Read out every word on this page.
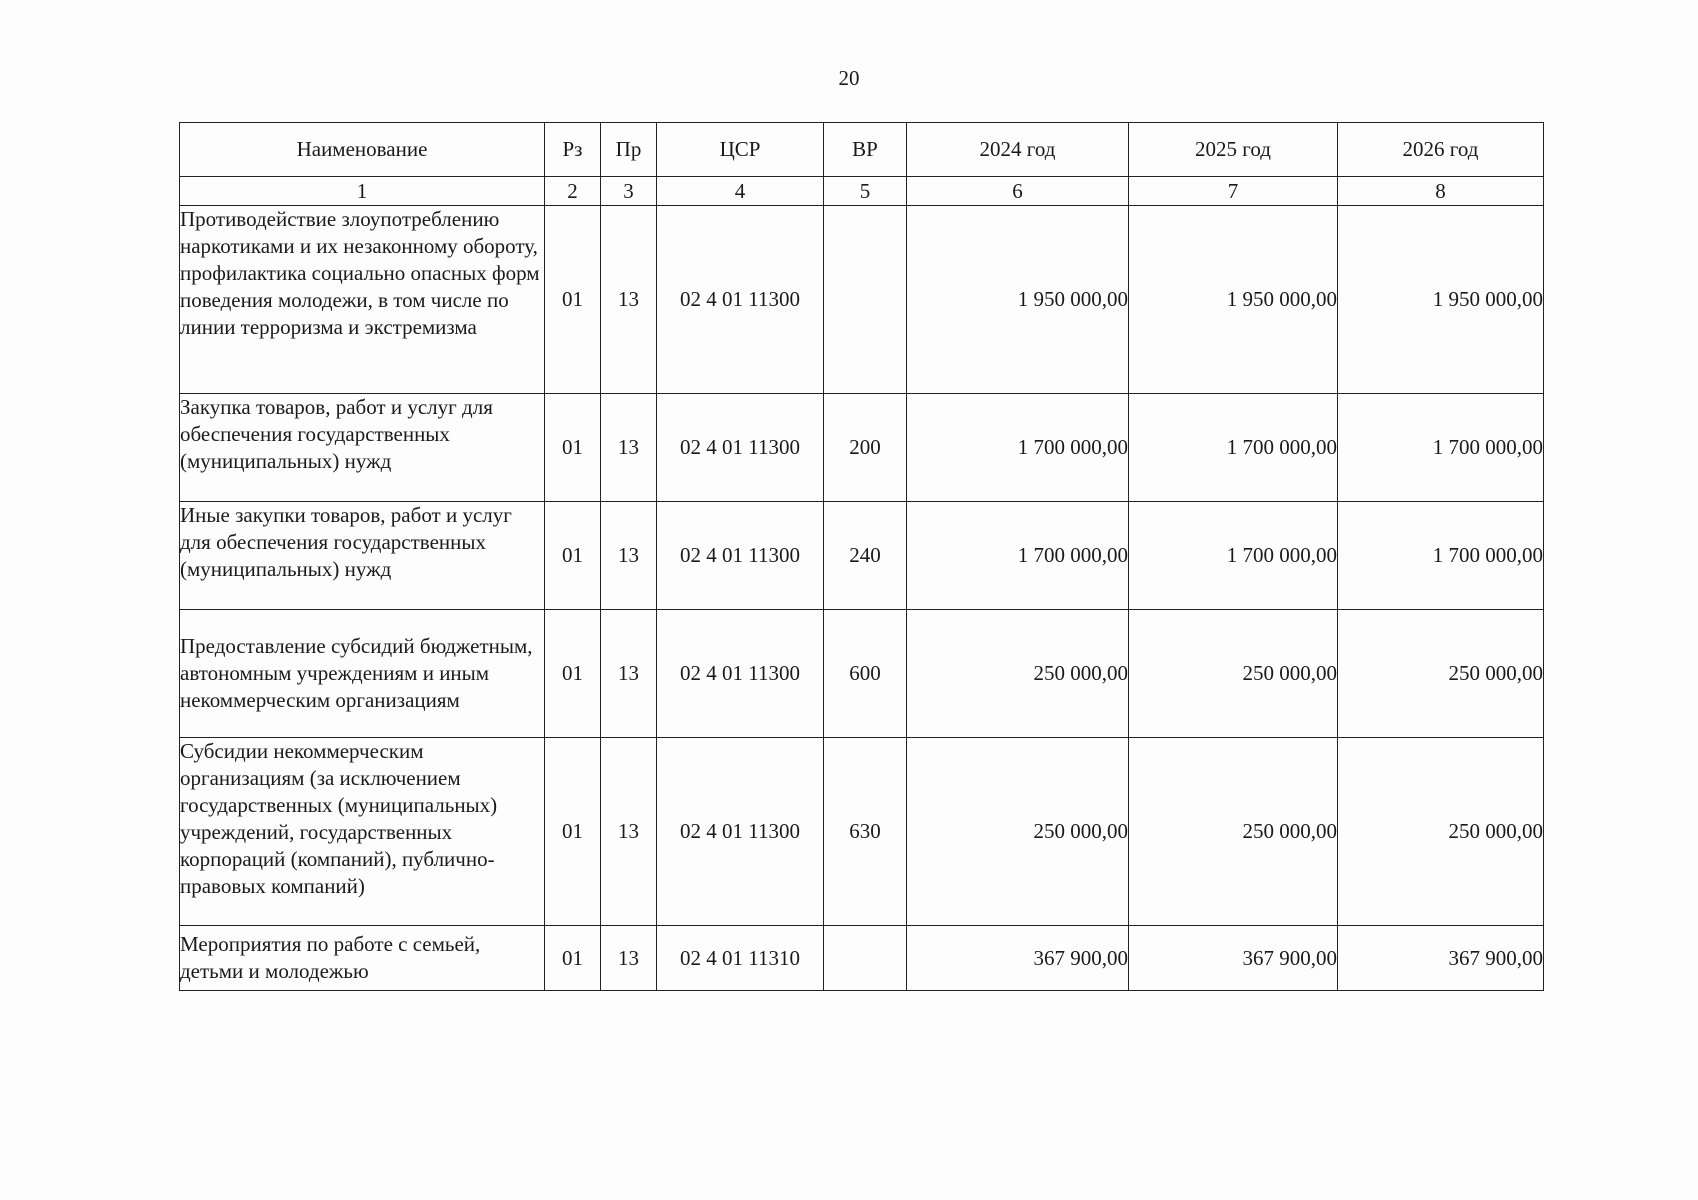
20
Наименование	Рз	Пр	ЦСР	ВР	2024 год	2025 год	2026 год
1	2	3	4	5	6	7	8
Противодействие злоупотреблению наркотиками и их незаконному обороту, профилактика социально опасных форм поведения молодежи, в том числе по линии терроризма и экстремизма	01	13	02 4 01 11300		1 950 000,00	1 950 000,00	1 950 000,00
Закупка товаров, работ и услуг для обеспечения государственных (муниципальных) нужд	01	13	02 4 01 11300	200	1 700 000,00	1 700 000,00	1 700 000,00
Иные закупки товаров, работ и услуг для обеспечения государственных (муниципальных) нужд	01	13	02 4 01 11300	240	1 700 000,00	1 700 000,00	1 700 000,00
Предоставление субсидий бюджетным, автономным учреждениям и иным некоммерческим организациям	01	13	02 4 01 11300	600	250 000,00	250 000,00	250 000,00
Субсидии некоммерческим организациям (за исключением государственных (муниципальных) учреждений, государственных корпораций (компаний), публично-правовых компаний)	01	13	02 4 01 11300	630	250 000,00	250 000,00	250 000,00
Мероприятия по работе с семьей, детьми и молодежью	01	13	02 4 01 11310		367 900,00	367 900,00	367 900,00
